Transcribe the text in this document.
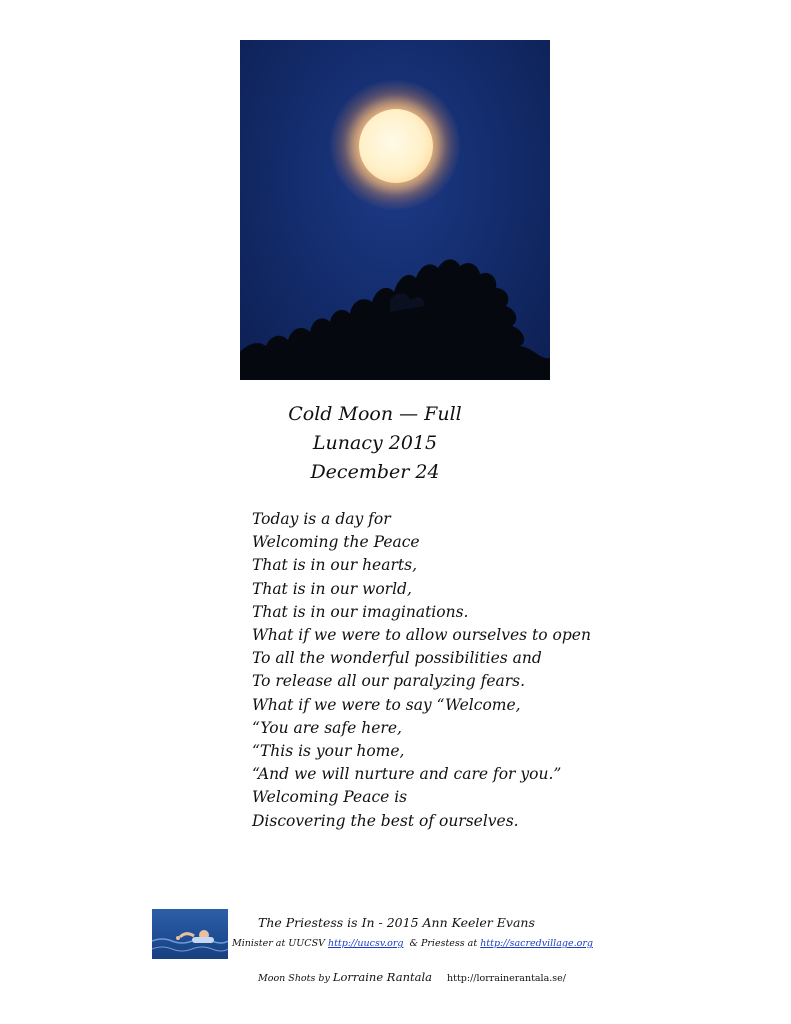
Cold Moon — Full
Lunacy 2015
December 24
Today is a day for
Welcoming the Peace
That is in our hearts,
That is in our world,
That is in our imaginations.
What if we were to allow ourselves to open
To all the wonderful possibilities and
To release all our paralyzing fears.
What if we were to say “Welcome,
“You are safe here,
“This is your home,
“And we will nurture and care for you.”
Welcoming Peace is
Discovering the best of ourselves.
The Priestess is In - 2015 Ann Keeler Evans
Minister at UUCSV http://uucsv.org & Priestess at http://sacredvillage.org
Moon Shots by Lorraine Rantala http://lorrainerantala.se/
